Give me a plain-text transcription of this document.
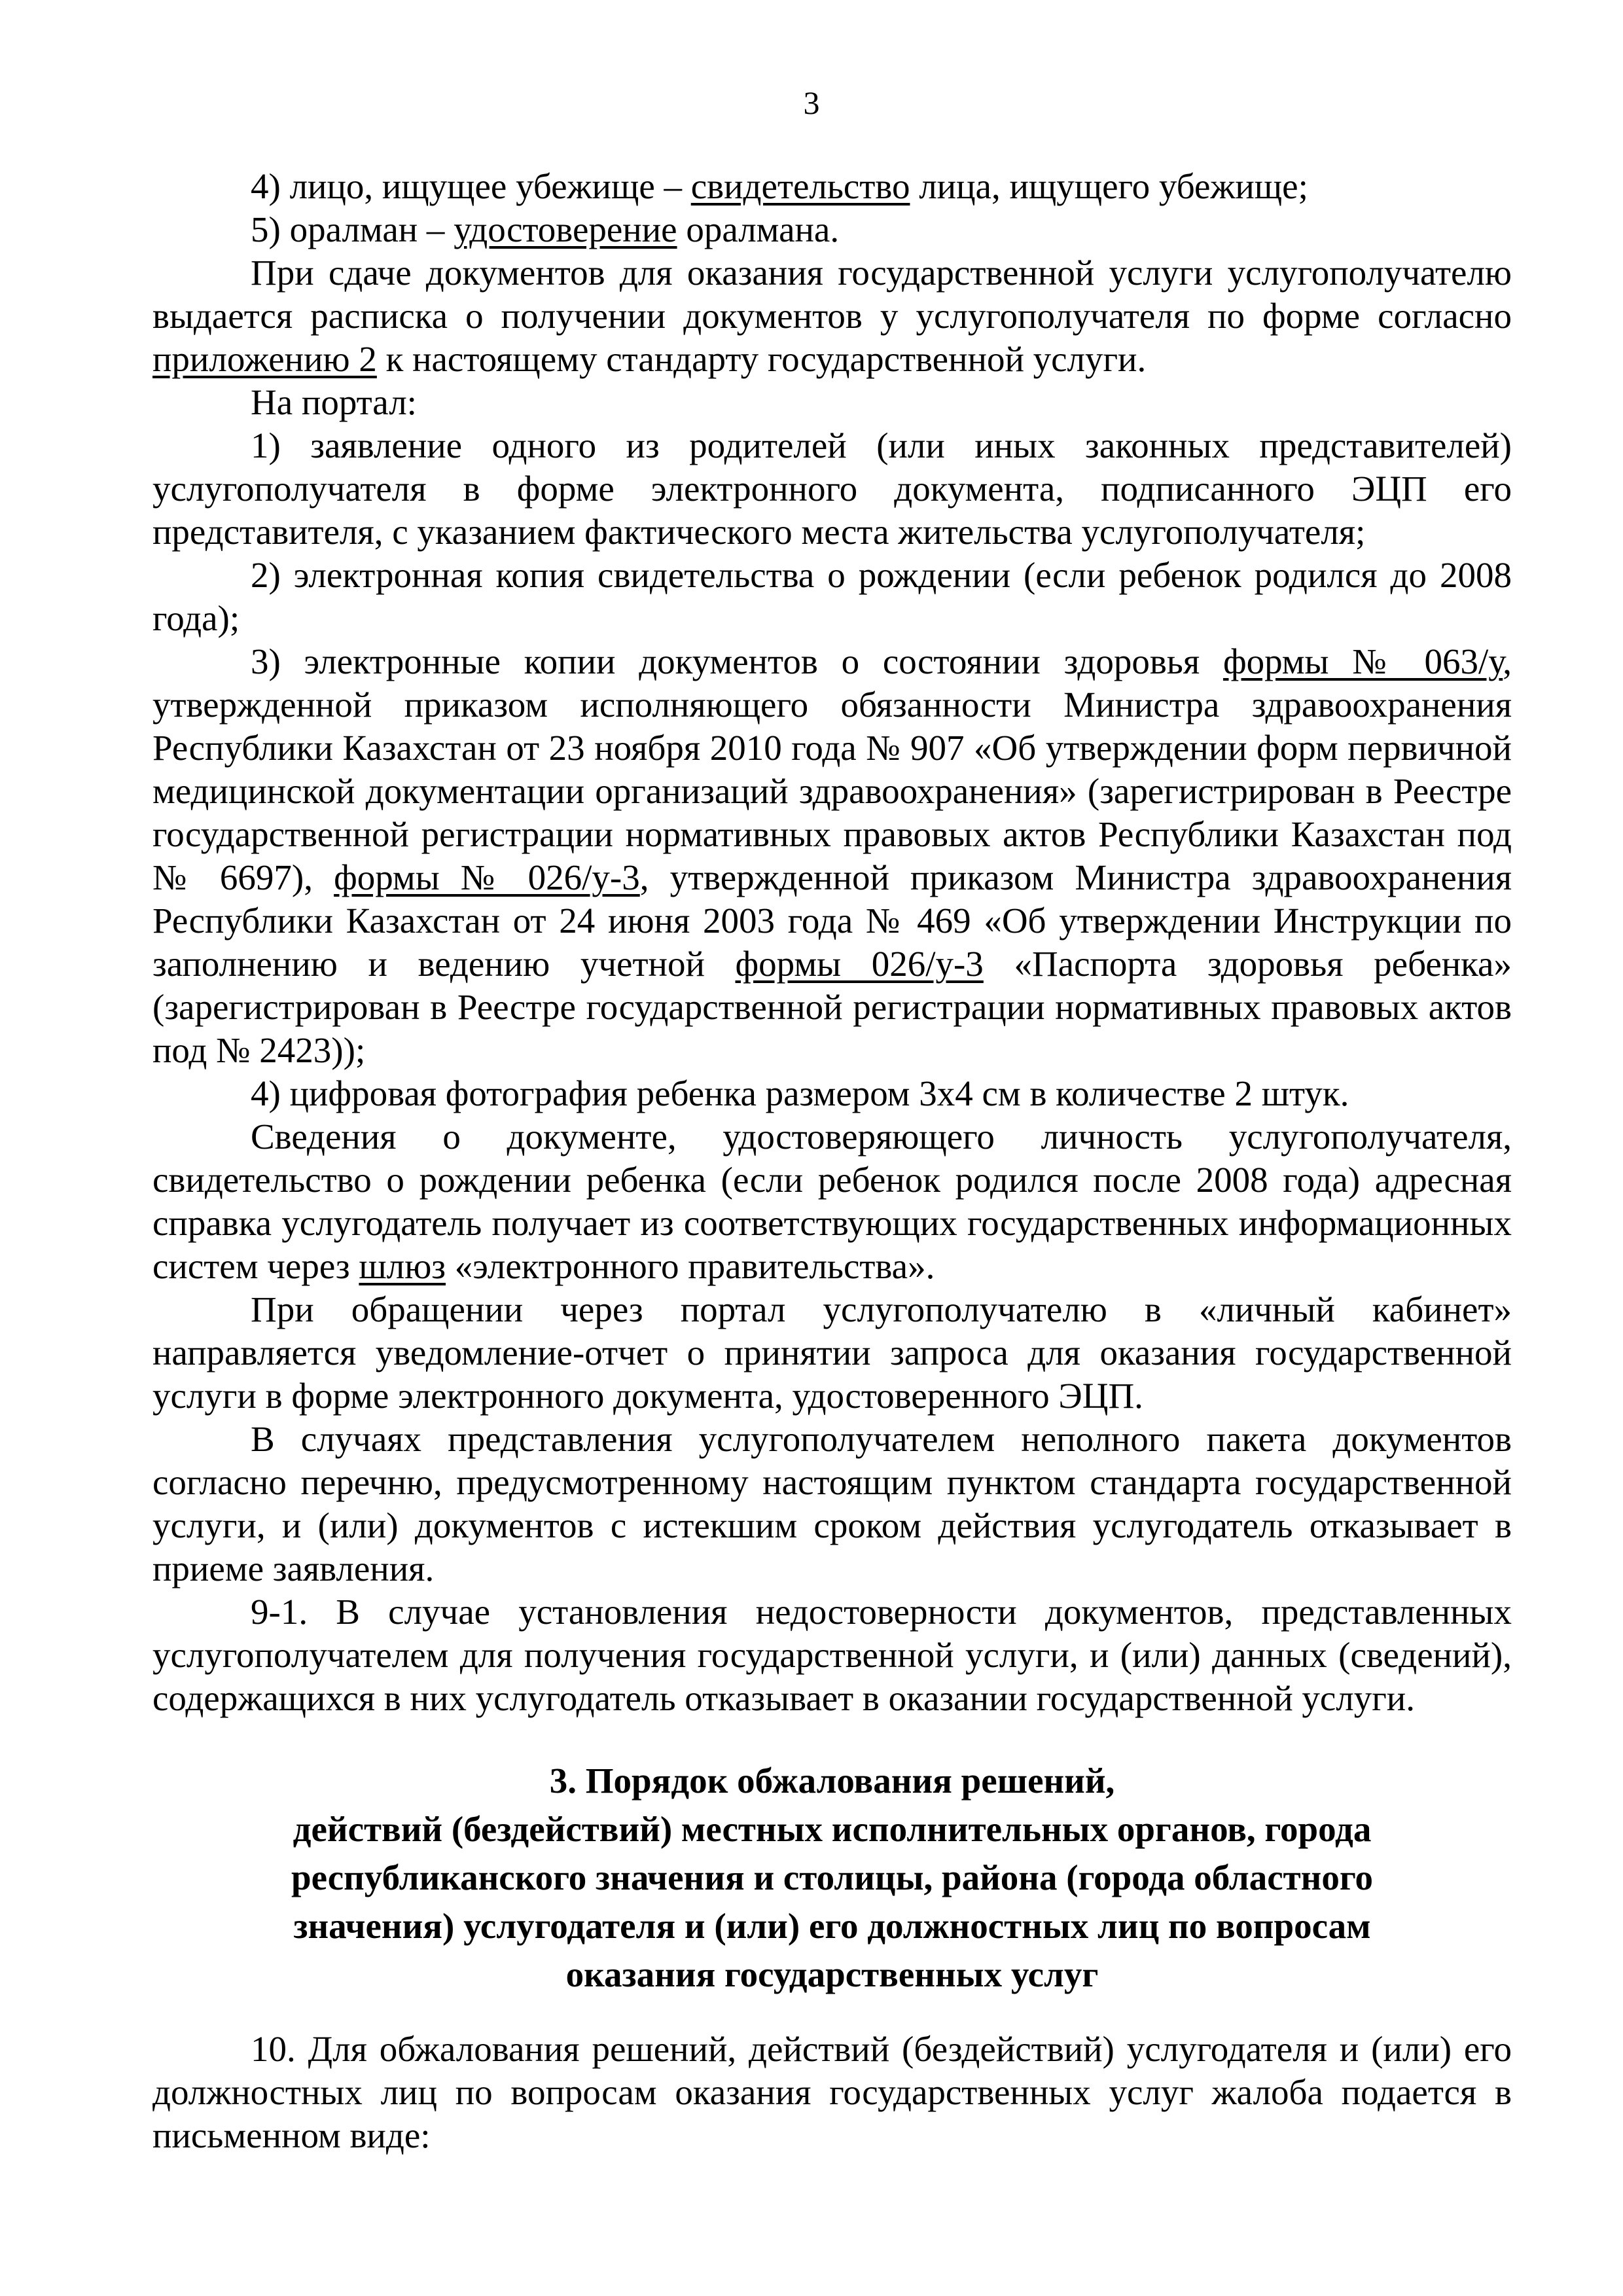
3

4) лицо, ищущее убежище – свидетельство лица, ищущего убежище;

5) оралман – удостоверение оралмана.

При сдаче документов для оказания государственной услуги услугополучателю выдается расписка о получении документов у услугополучателя по форме согласно приложению 2 к настоящему стандарту государственной услуги.

На портал:

1) заявление одного из родителей (или иных законных представителей) услугополучателя в форме электронного документа, подписанного ЭЦП его представителя, с указанием фактического места жительства услугополучателя;

2) электронная копия свидетельства о рождении (если ребенок родился до 2008 года);

3) электронные копии документов о состоянии здоровья формы № 063/у, утвержденной приказом исполняющего обязанности Министра здравоохранения Республики Казахстан от 23 ноября 2010 года № 907 «Об утверждении форм первичной медицинской документации организаций здравоохранения» (зарегистрирован в Реестре государственной регистрации нормативных правовых актов Республики Казахстан под № 6697), формы № 026/у-3, утвержденной приказом Министра здравоохранения Республики Казахстан от 24 июня 2003 года № 469 «Об утверждении Инструкции по заполнению и ведению учетной формы 026/у-3 «Паспорта здоровья ребенка» (зарегистрирован в Реестре государственной регистрации нормативных правовых актов под № 2423));

4) цифровая фотография ребенка размером 3х4 см в количестве 2 штук.

Сведения о документе, удостоверяющего личность услугополучателя, свидетельство о рождении ребенка (если ребенок родился после 2008 года) адресная справка услугодатель получает из соответствующих государственных информационных систем через шлюз «электронного правительства».

При обращении через портал услугополучателю в «личный кабинет» направляется уведомление-отчет о принятии запроса для оказания государственной услуги в форме электронного документа, удостоверенного ЭЦП.

В случаях представления услугополучателем неполного пакета документов согласно перечню, предусмотренному настоящим пунктом стандарта государственной услуги, и (или) документов с истекшим сроком действия услугодатель отказывает в приеме заявления.

9-1. В случае установления недостоверности документов, представленных услугополучателем для получения государственной услуги, и (или) данных (сведений), содержащихся в них услугодатель отказывает в оказании государственной услуги.

3. Порядок обжалования решений,
действий (бездействий) местных исполнительных органов, города
республиканского значения и столицы, района (города областного
значения) услугодателя и (или) его должностных лиц по вопросам
оказания государственных услуг

10. Для обжалования решений, действий (бездействий) услугодателя и (или) его должностных лиц по вопросам оказания государственных услуг жалоба подается в письменном виде:
